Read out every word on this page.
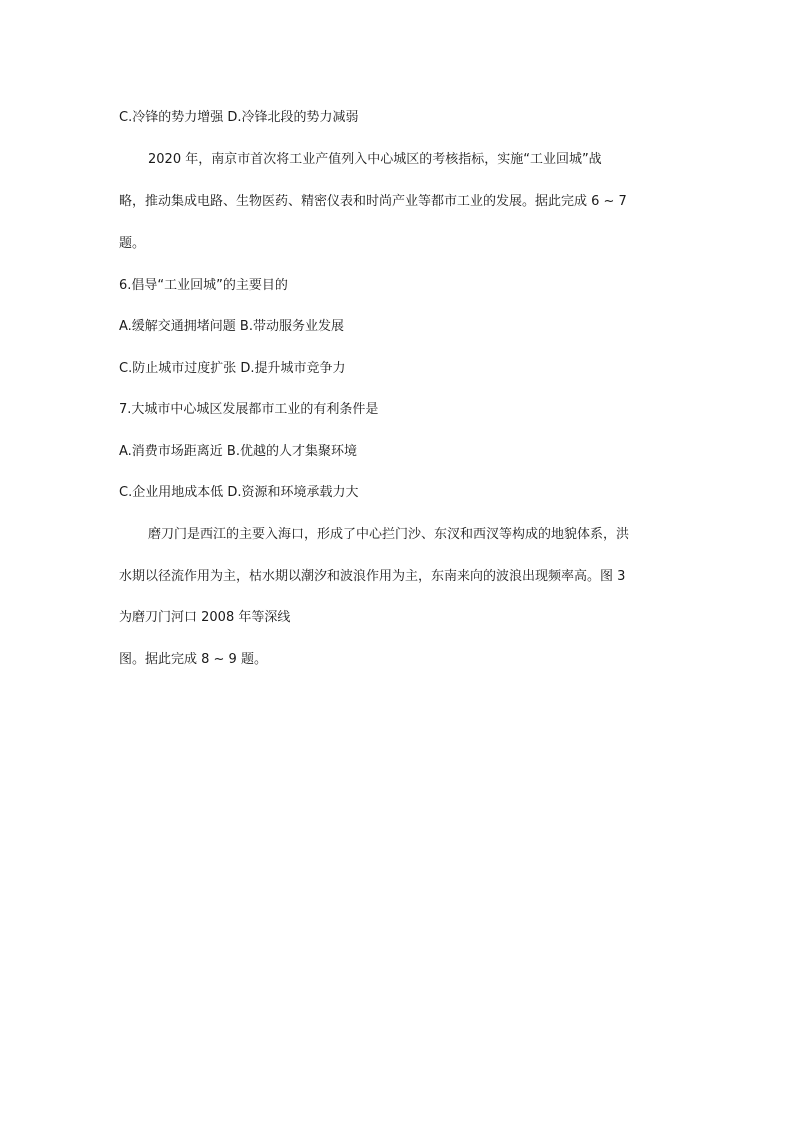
C.冷锋的势力增强 D.冷锋北段的势力减弱
2020 年，南京市首次将工业产值列入中心城区的考核指标，实施“工业回城”战
略，推动集成电路、生物医药、精密仪表和时尚产业等都市工业的发展。据此完成 6 ~ 7
题。
6.倡导“工业回城”的主要目的
A.缓解交通拥堵问题 B.带动服务业发展
C.防止城市过度扩张 D.提升城市竞争力
7.大城市中心城区发展都市工业的有利条件是
A.消费市场距离近 B.优越的人才集聚环境
C.企业用地成本低 D.资源和环境承载力大
磨刀门是西江的主要入海口，形成了中心拦门沙、东汊和西汊等构成的地貌体系，洪
水期以径流作用为主，枯水期以潮汐和波浪作用为主，东南来向的波浪出现频率高。图 3
为磨刀门河口 2008 年等深线
图。据此完成 8 ~ 9 题。
